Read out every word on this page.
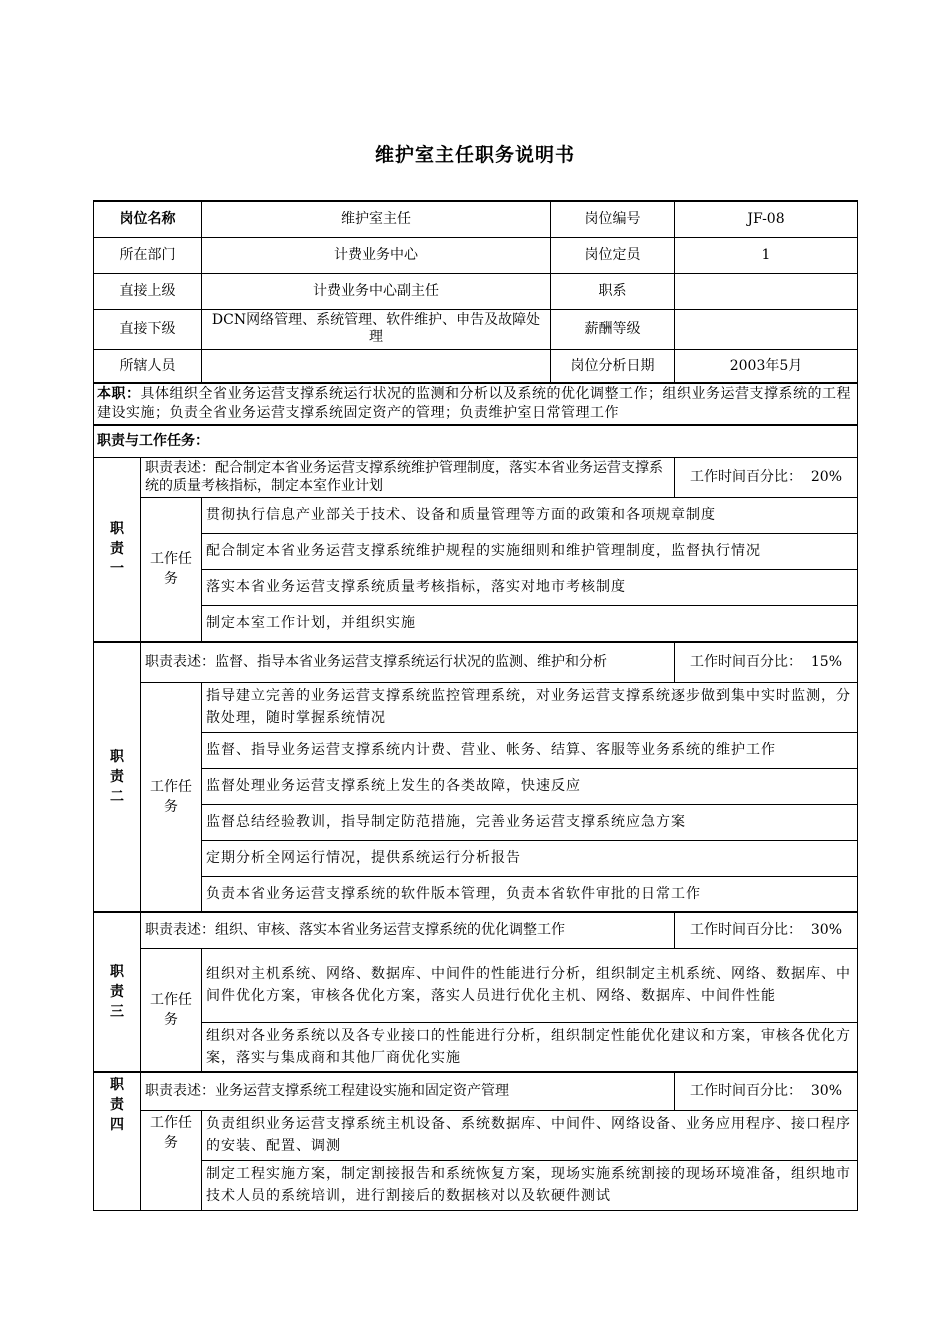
维护室主任职务说明书
岗位名称		维护室主任	岗位编号	JF-08
所在部门		计费业务中心	岗位定员	1
直接上级		计费业务中心副主任	职系	
直接下级		DCN网络管理、系统管理、软件维护、申告及故障处理	薪酬等级	
所辖人员			岗位分析日期	2003年5月
本职：具体组织全省业务运营支撑系统运行状况的监测和分析以及系统的优化调整工作；组织业务运营支撑系统的工程建设实施；负责全省业务运营支撑系统固定资产的管理；负责维护室日常管理工作				
职责与工作任务：				

职责一	职责表述：配合制定本省业务运营支撑系统维护管理制度，落实本省业务运营支撑系统的质量考核指标，制定本室作业计划			工作时间百分比： 20%
	工作任务	贯彻执行信息产业部关于技术、设备和质量管理等方面的政策和各项规章制度		
		配合制定本省业务运营支撑系统维护规程的实施细则和维护管理制度，监督执行情况		
		落实本省业务运营支撑系统质量考核指标，落实对地市考核制度		
		制定本室工作计划，并组织实施		

职责二	职责表述：监督、指导本省业务运营支撑系统运行状况的监测、维护和分析			工作时间百分比： 15%
	工作任务	指导建立完善的业务运营支撑系统监控管理系统，对业务运营支撑系统逐步做到集中实时监测，分散处理，随时掌握系统情况		
		监督、指导业务运营支撑系统内计费、营业、帐务、结算、客服等业务系统的维护工作		
		监督处理业务运营支撑系统上发生的各类故障，快速反应		
		监督总结经验教训，指导制定防范措施，完善业务运营支撑系统应急方案		
		定期分析全网运行情况，提供系统运行分析报告		
		负责本省业务运营支撑系统的软件版本管理，负责本省软件审批的日常工作		

职责三	职责表述：组织、审核、落实本省业务运营支撑系统的优化调整工作			工作时间百分比： 30%
	工作任务	组织对主机系统、网络、数据库、中间件的性能进行分析，组织制定主机系统、网络、数据库、中间件优化方案，审核各优化方案，落实人员进行优化主机、网络、数据库、中间件性能		
		组织对各业务系统以及各专业接口的性能进行分析，组织制定性能优化建议和方案，审核各优化方案，落实与集成商和其他厂商优化实施		

职责四	职责表述：业务运营支撑系统工程建设实施和固定资产管理			工作时间百分比： 30%
	工作任务	负责组织业务运营支撑系统主机设备、系统数据库、中间件、网络设备、业务应用程序、接口程序的安装、配置、调测		
		制定工程实施方案，制定割接报告和系统恢复方案，现场实施系统割接的现场环境准备，组织地市技术人员的系统培训，进行割接后的数据核对以及软硬件测试		
